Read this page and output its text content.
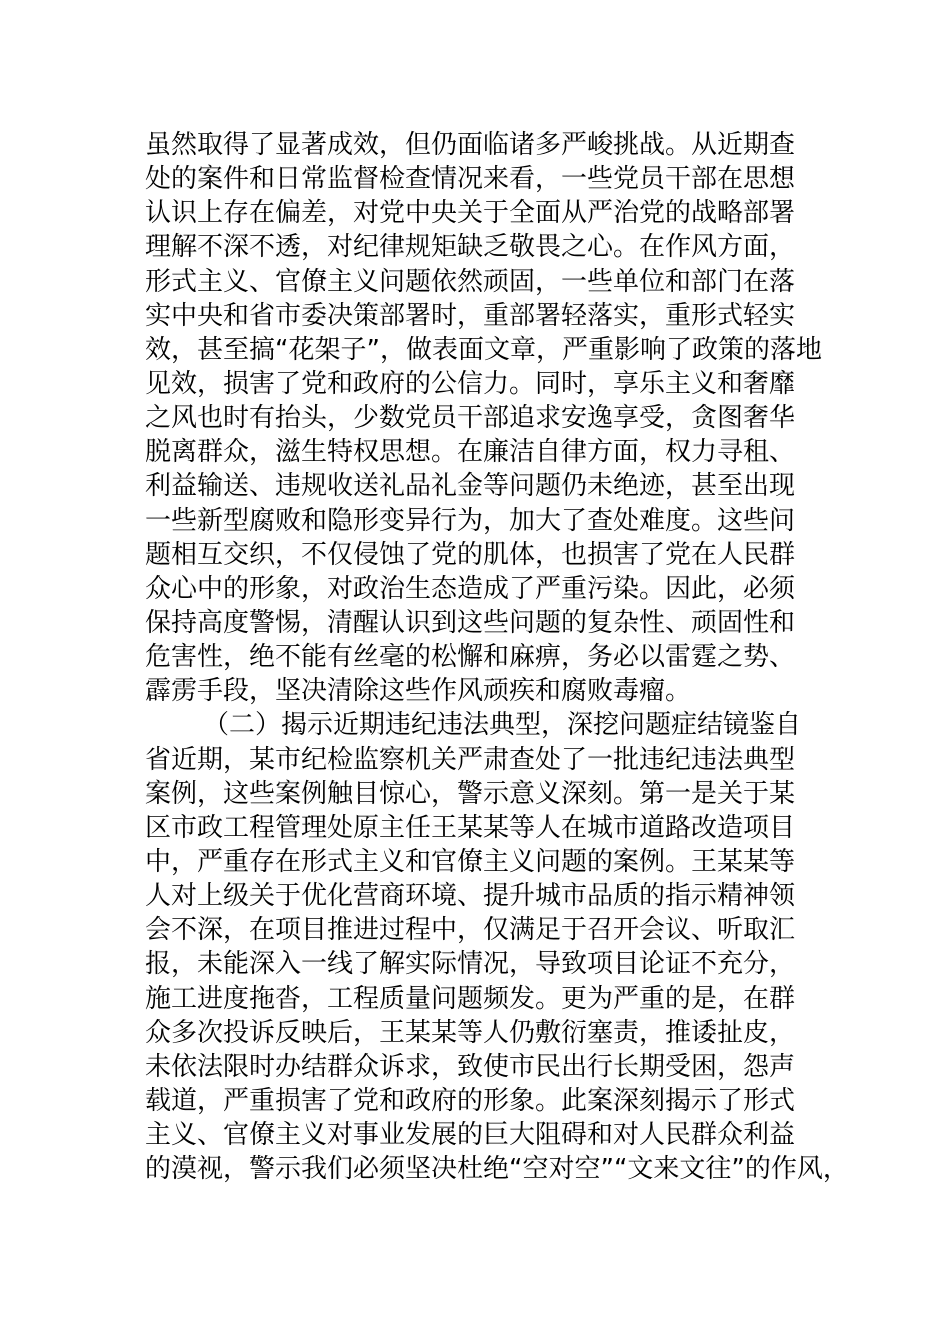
虽然取得了显著成效，但仍面临诸多严峻挑战。从近期查
处的案件和日常监督检查情况来看，一些党员干部在思想
认识上存在偏差，对党中央关于全面从严治党的战略部署
理解不深不透，对纪律规矩缺乏敬畏之心。在作风方面，
形式主义、官僚主义问题依然顽固，一些单位和部门在落
实中央和省市委决策部署时，重部署轻落实，重形式轻实
效，甚至搞“花架子”，做表面文章，严重影响了政策的落地
见效，损害了党和政府的公信力。同时，享乐主义和奢靡
之风也时有抬头，少数党员干部追求安逸享受，贪图奢华
脱离群众，滋生特权思想。在廉洁自律方面，权力寻租、
利益输送、违规收送礼品礼金等问题仍未绝迹，甚至出现
一些新型腐败和隐形变异行为，加大了查处难度。这些问
题相互交织，不仅侵蚀了党的肌体，也损害了党在人民群
众心中的形象，对政治生态造成了严重污染。因此，必须
保持高度警惕，清醒认识到这些问题的复杂性、顽固性和
危害性，绝不能有丝毫的松懈和麻痹，务必以雷霆之势、
霹雳手段，坚决清除这些作风顽疾和腐败毒瘤。
（二）揭示近期违纪违法典型，深挖问题症结镜鉴自
省近期，某市纪检监察机关严肃查处了一批违纪违法典型
案例，这些案例触目惊心，警示意义深刻。第一是关于某
区市政工程管理处原主任王某某等人在城市道路改造项目
中，严重存在形式主义和官僚主义问题的案例。王某某等
人对上级关于优化营商环境、提升城市品质的指示精神领
会不深，在项目推进过程中，仅满足于召开会议、听取汇
报，未能深入一线了解实际情况，导致项目论证不充分，
施工进度拖沓，工程质量问题频发。更为严重的是，在群
众多次投诉反映后，王某某等人仍敷衍塞责，推诿扯皮，
未依法限时办结群众诉求，致使市民出行长期受困，怨声
载道，严重损害了党和政府的形象。此案深刻揭示了形式
主义、官僚主义对事业发展的巨大阻碍和对人民群众利益
的漠视，警示我们必须坚决杜绝“空对空”“文来文往”的作风，
